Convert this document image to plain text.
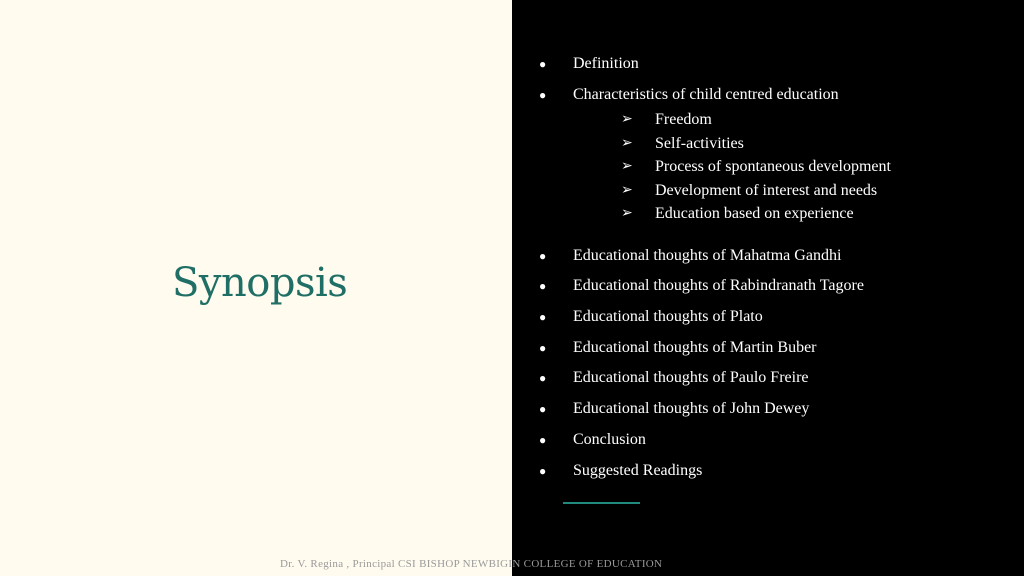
Synopsis
● Definition
● Characteristics of child centred education
➢ Freedom
➢ Self-activities
➢ Process of spontaneous development
➢ Development of interest and needs
➢ Education based on experience
● Educational thoughts of Mahatma Gandhi
● Educational thoughts of Rabindranath Tagore
● Educational thoughts of Plato
● Educational thoughts of Martin Buber
● Educational thoughts of Paulo Freire
● Educational thoughts of John Dewey
● Conclusion
● Suggested Readings
Dr. V. Regina , Principal CSI BISHOP NEWBIGIN COLLEGE OF EDUCATION
